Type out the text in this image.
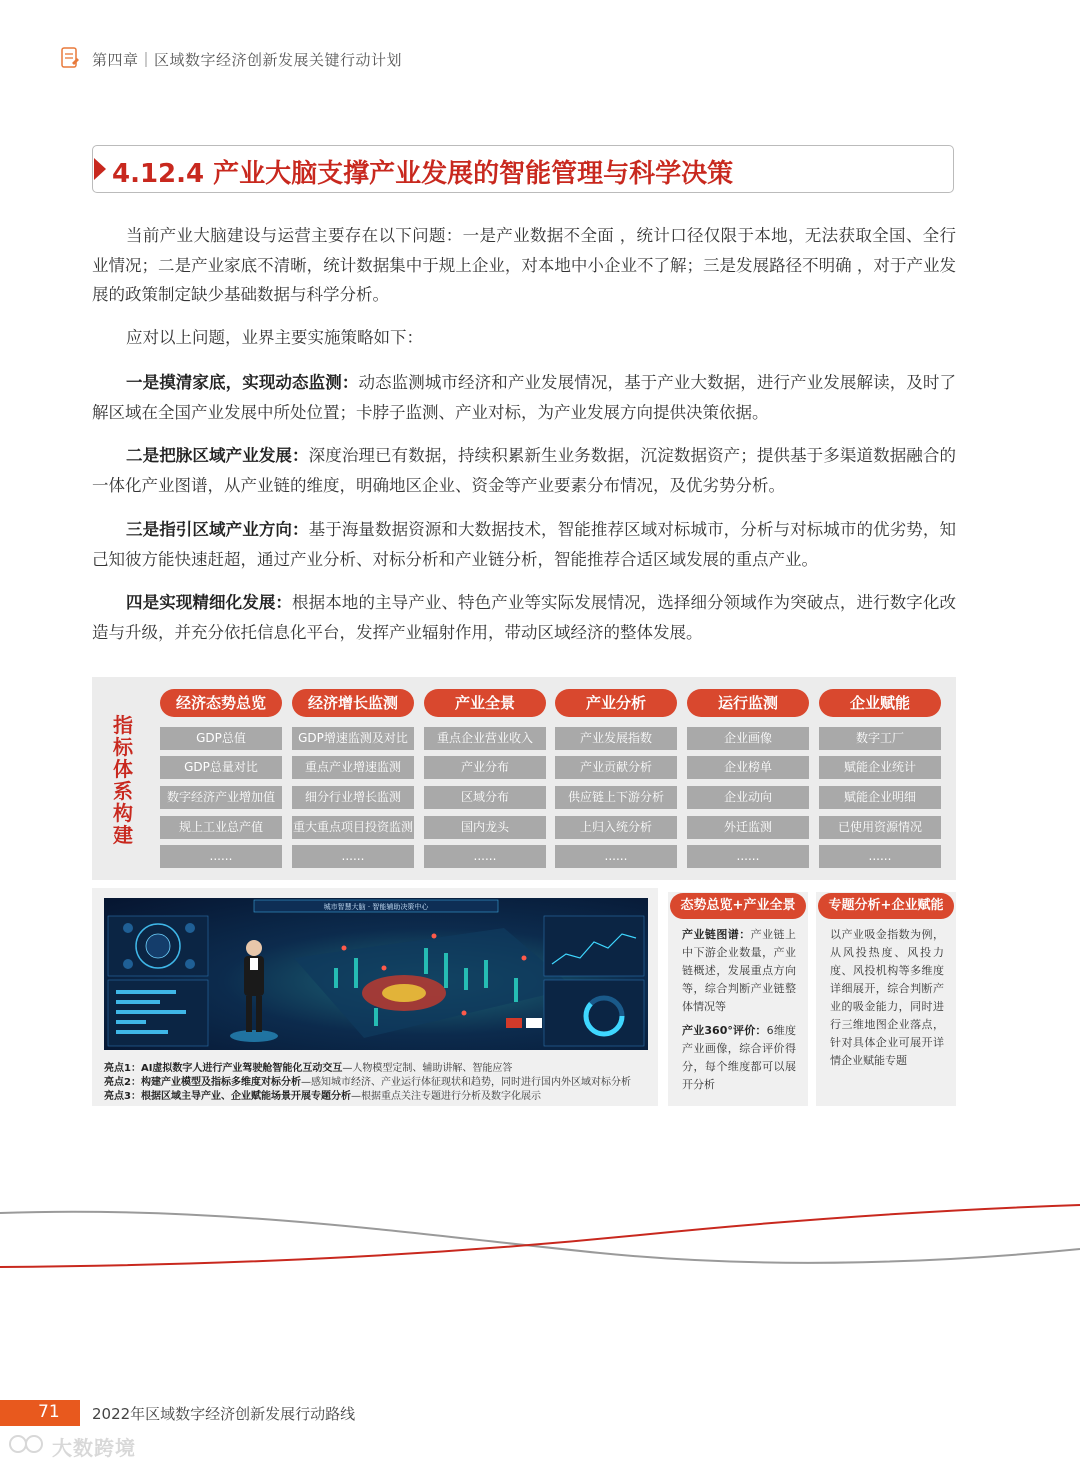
第四章｜区域数字经济创新发展关键行动计划
4.12.4 产业大脑支撑产业发展的智能管理与科学决策
当前产业大脑建设与运营主要存在以下问题：一是产业数据不全面 ，统计口径仅限于本地，无法获取全国、全行业情况；二是产业家底不清晰，统计数据集中于规上企业，对本地中小企业不了解；三是发展路径不明确 ，对于产业发展的政策制定缺少基础数据与科学分析。
应对以上问题，业界主要实施策略如下：
一是摸清家底，实现动态监测：动态监测城市经济和产业发展情况，基于产业大数据，进行产业发展解读，及时了解区域在全国产业发展中所处位置；卡脖子监测、产业对标，为产业发展方向提供决策依据。
二是把脉区域产业发展：深度治理已有数据，持续积累新生业务数据，沉淀数据资产；提供基于多渠道数据融合的一体化产业图谱，从产业链的维度，明确地区企业、资金等产业要素分布情况，及优劣势分析。
三是指引区域产业方向：基于海量数据资源和大数据技术，智能推荐区域对标城市，分析与对标城市的优劣势，知己知彼方能快速赶超，通过产业分析、对标分析和产业链分析，智能推荐合适区域发展的重点产业。
四是实现精细化发展：根据本地的主导产业、特色产业等实际发展情况，选择细分领域作为突破点，进行数字化改造与升级，并充分依托信息化平台，发挥产业辐射作用，带动区域经济的整体发展。
指
标
体
系
构
建
经济态势总览
GDP总值
GDP总量对比
数字经济产业增加值
规上工业总产值
......
经济增长监测
GDP增速监测及对比
重点产业增速监测
细分行业增长监测
重大重点项目投资监测
......
产业全景
重点企业营业收入
产业分布
区域分布
国内龙头
......
产业分析
产业发展指数
产业贡献分析
供应链上下游分析
上归入统分析
......
运行监测
企业画像
企业榜单
企业动向
外迁监测
......
企业赋能
数字工厂
赋能企业统计
赋能企业明细
已使用资源情况
......
城市智慧大脑 · 智能辅助决策中心
亮点1：AI虚拟数字人进行产业驾驶舱智能化互动交互—人物模型定制、辅助讲解、智能应答
亮点2：构建产业模型及指标多维度对标分析—感知城市经济、产业运行体征现状和趋势，同时进行国内外区域对标分析
亮点3：根据区域主导产业、企业赋能场景开展专题分析—根据重点关注专题进行分析及数字化展示
态势总览+产业全景
产业链图谱：产业链上中下游企业数量，产业链概述，发展重点方向等，综合判断产业链整体情况等
产业360°评价：6维度产业画像，综合评价得分，每个维度都可以展开分析
专题分析+企业赋能
以产业吸金指数为例，从风投热度、风投力度、风投机构等多维度详细展开，综合判断产业的吸金能力，同时进行三维地图企业落点，针对具体企业可展开详情企业赋能专题
71 2022年区域数字经济创新发展行动路线
大数跨境
